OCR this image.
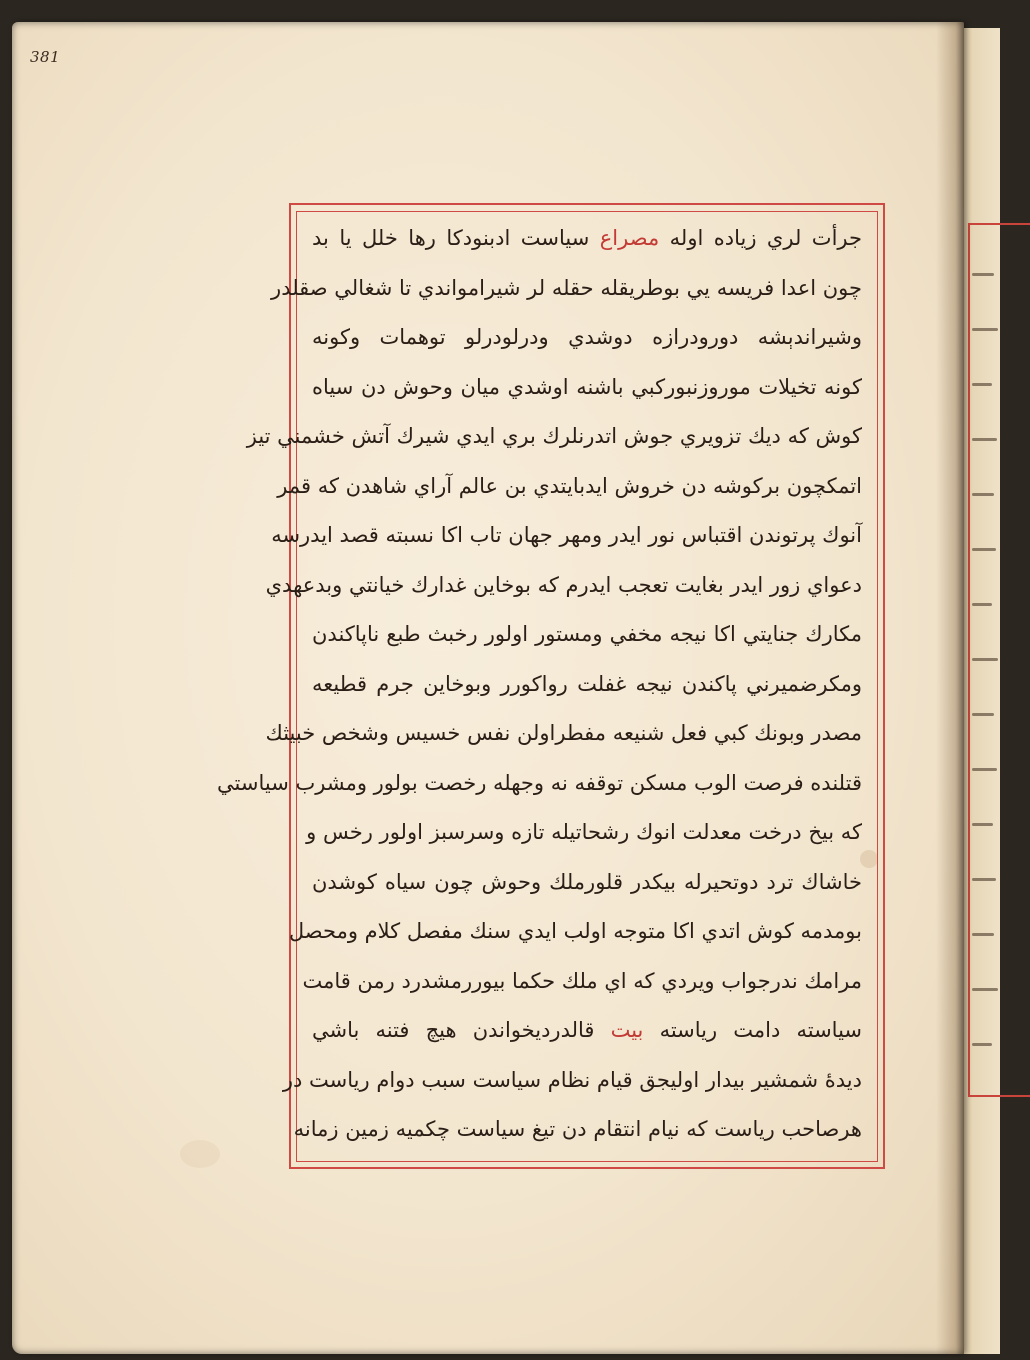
381
جرأت لري زياده اوله مصراع سياست ادبنودكا رها خلل يا بد
چون اعدا فريسه يي بوطريقله حقله لر شيرامواندي تا شغالي صقلدر
وشيراندېشه دورودرازه دوشدي ودرلودرلو توهمات وكونه
كونه تخيلات موروزنبوركبي باشنه اوشدي ميان وحوش دن سياه
كوش كه ديك تزويري جوش اتدرنلرك بري ايدي شيرك آتش خشمني تيز
اتمكچون بركوشه دن خروش ايدبايتدي بن عالم آراي شاهدن كه قمر
آنوك پرتوندن اقتباس نور ايدر ومهر جهان تاب اكا نسبته قصد ايدرسه
دعواي زور ايدر بغايت تعجب ايدرم كه بوخاين غدارك خيانتي وبدعهدي
مكارك جنايتي اكا نيجه مخفي ومستور اولور رخبث طبع ناپاكندن
ومكرضميرني پاكندن نيجه غفلت رواكورر وبوخاين جرم قطيعه
مصدر وبونك كبي فعل شنيعه مفطراولن نفس خسيس وشخص خبيثك
قتلنده فرصت الوب مسكن توقفه نه وجهله رخصت بولور ومشرب سياستي
كه بيخ درخت معدلت انوك رشحاتيله تازه وسرسبز اولور رخس و
خاشاك ترد دوتحيرله بيكدر قلورملك وحوش چون سياه كوشدن
بومدمه كوش اتدي اكا متوجه اولب ايدي سنك مفصل كلام ومحصل
مرامك ندرجواب ويردي كه اي ملك حكما بيوررمشدرد رمن قامت
سياسته دامت رياسته بيت قالدرديخواندن هيچ فتنه باشي
ديدهٔ شمشير بيدار اوليجق قيام نظام سياست سبب دوام رياست در
هرصاحب رياست كه نيام انتقام دن تيغ سياست چكميه زمين زمانه
